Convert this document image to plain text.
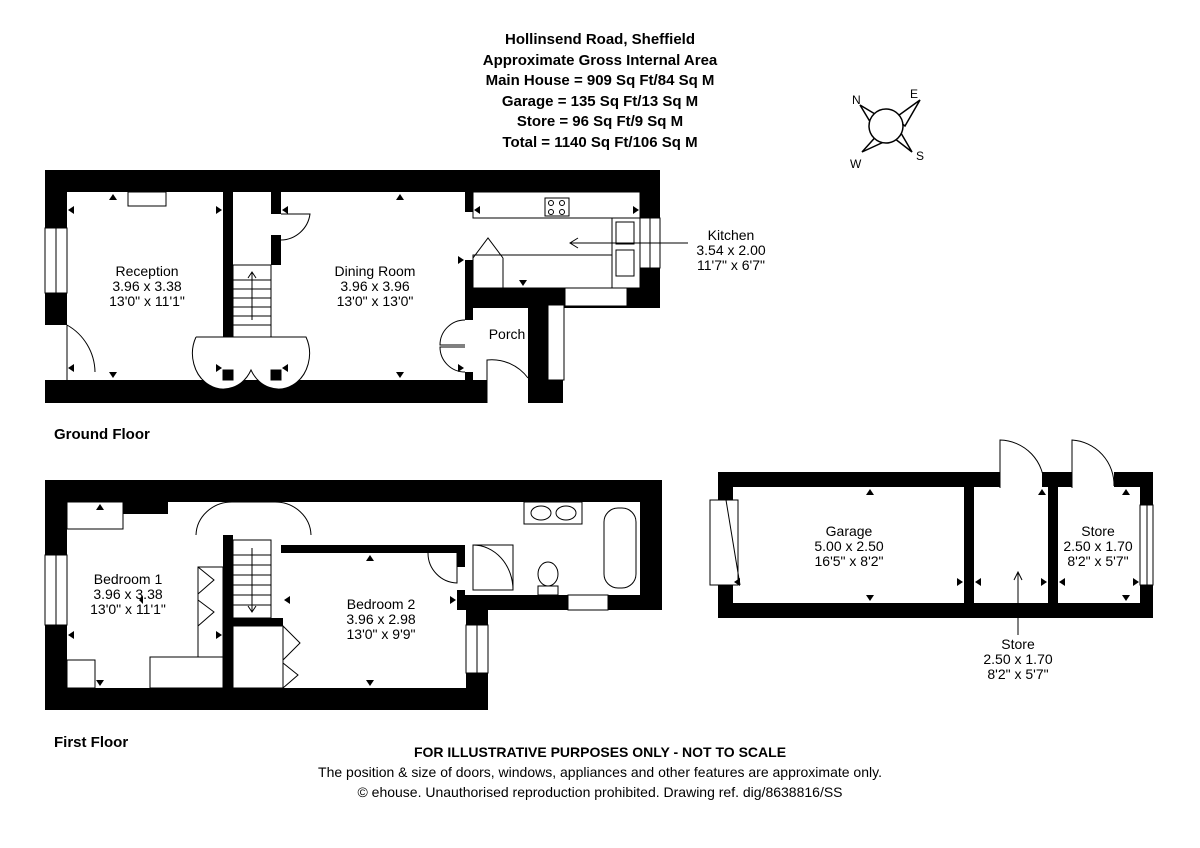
Hollinsend Road, Sheffield
Approximate Gross Internal Area
Main House = 909 Sq Ft/84 Sq M
Garage = 135 Sq Ft/13 Sq M
Store = 96 Sq Ft/9 Sq M
Total = 1140 Sq Ft/106 Sq M
N	E
S
W
Reception
3.96 x 3.38
13'0" x 11'1"
Dining Room
3.96 x 3.96
13'0" x 13'0"
Kitchen
3.54 x 2.00
11'7" x 6'7"
Porch
Bedroom 1
3.96 x 3.38
13'0" x 11'1"	Bedroom 2
3.96 x 2.98
13'0" x 9'9"
Garage
5.00 x 2.50
16'5" x 8'2"
Store
2.50 x 1.70
8'2" x 5'7"
Store
2.50 x 1.70
8'2" x 5'7"
Ground Floor
First Floor
FOR ILLUSTRATIVE PURPOSES ONLY - NOT TO SCALE
The position & size of doors, windows, appliances and other features are approximate only.
© ehouse. Unauthorised reproduction prohibited. Drawing ref. dig/8638816/SS
